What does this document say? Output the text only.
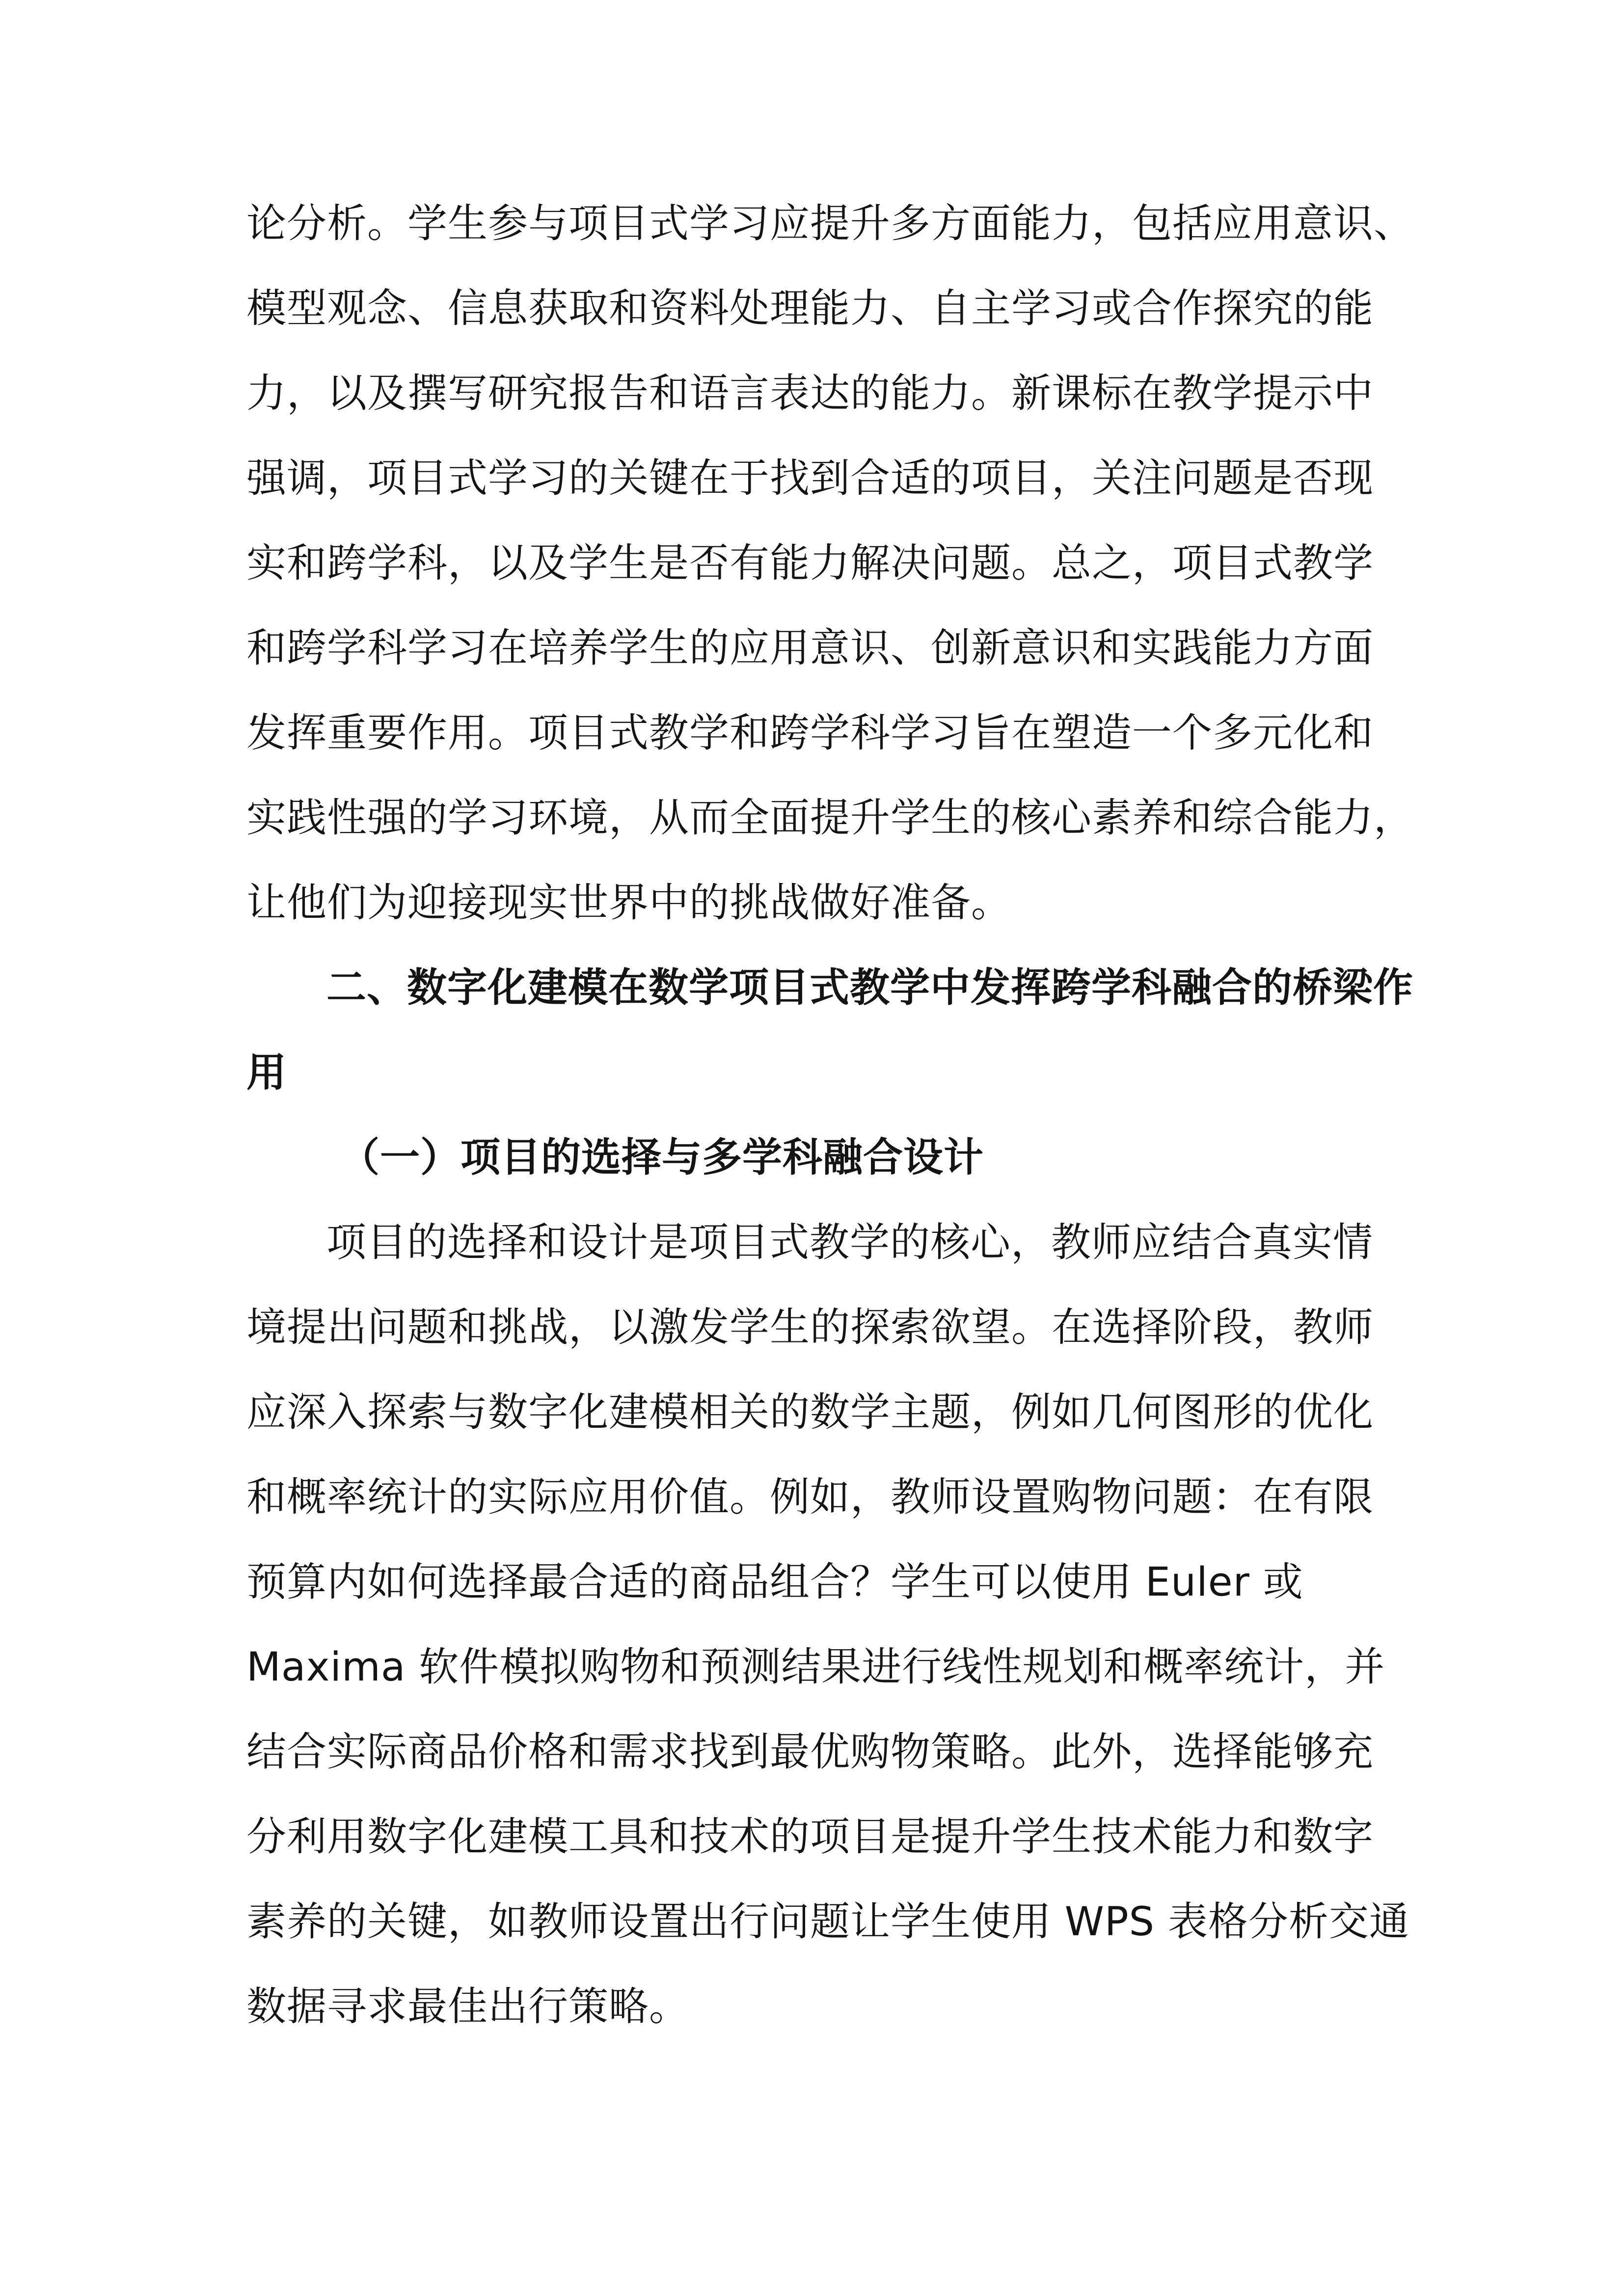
论分析。学生参与项目式学习应提升多方面能力，包括应用意识、
模型观念、信息获取和资料处理能力、自主学习或合作探究的能
力，以及撰写研究报告和语言表达的能力。新课标在教学提示中
强调，项目式学习的关键在于找到合适的项目，关注问题是否现
实和跨学科，以及学生是否有能力解决问题。总之，项目式教学
和跨学科学习在培养学生的应用意识、创新意识和实践能力方面
发挥重要作用。项目式教学和跨学科学习旨在塑造一个多元化和
实践性强的学习环境，从而全面提升学生的核心素养和综合能力，
让他们为迎接现实世界中的挑战做好准备。
二、数字化建模在数学项目式教学中发挥跨学科融合的桥梁作
用
（一）项目的选择与多学科融合设计
项目的选择和设计是项目式教学的核心，教师应结合真实情
境提出问题和挑战，以激发学生的探索欲望。在选择阶段，教师
应深入探索与数字化建模相关的数学主题，例如几何图形的优化
和概率统计的实际应用价值。例如，教师设置购物问题：在有限
预算内如何选择最合适的商品组合？学生可以使用 Euler 或
Maxima 软件模拟购物和预测结果进行线性规划和概率统计，并
结合实际商品价格和需求找到最优购物策略。此外，选择能够充
分利用数字化建模工具和技术的项目是提升学生技术能力和数字
素养的关键，如教师设置出行问题让学生使用 WPS 表格分析交通
数据寻求最佳出行策略。
